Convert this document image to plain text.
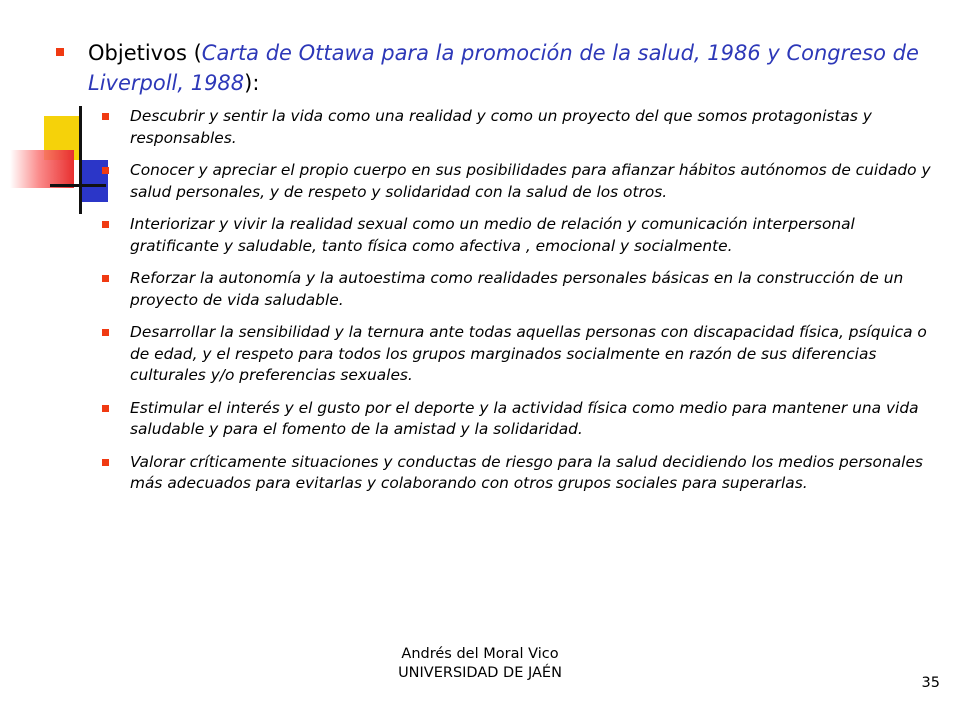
Objetivos (Carta de Ottawa para la promoción de la salud, 1986 y Congreso de Liverpoll, 1988):
Descubrir y sentir la vida como una realidad y como un proyecto del que somos protagonistas y responsables.
Conocer y apreciar el propio cuerpo en sus posibilidades para afianzar hábitos autónomos de cuidado y salud personales, y de respeto y solidaridad con la salud de los otros.
Interiorizar y vivir la realidad sexual como un medio de relación y comunicación interpersonal gratificante y saludable, tanto física como afectiva , emocional y socialmente.
Reforzar la autonomía y la autoestima como realidades personales básicas en la construcción de un proyecto de vida saludable.
Desarrollar la sensibilidad y la ternura ante todas aquellas personas con discapacidad física, psíquica o de edad, y el respeto para todos los grupos marginados socialmente en razón de sus diferencias culturales y/o preferencias sexuales.
Estimular el interés y el gusto por el deporte y la actividad física como medio para mantener una vida saludable y para el fomento de la amistad y la solidaridad.
Valorar críticamente situaciones y conductas de riesgo para la salud decidiendo los medios personales más adecuados para evitarlas y colaborando con otros grupos sociales para superarlas.
Andrés del Moral Vico
UNIVERSIDAD DE JAÉN
35
